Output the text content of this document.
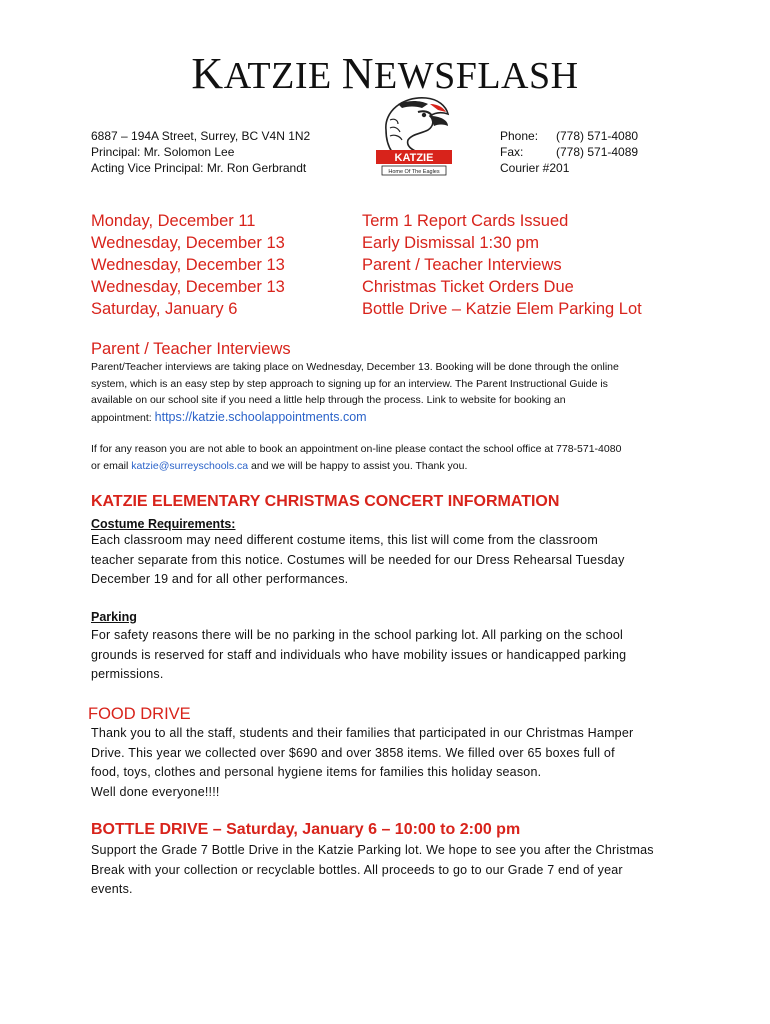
KATZIE NEWSFLASH
6887 – 194A Street, Surrey, BC V4N 1N2
Principal: Mr. Solomon Lee
Acting Vice Principal: Mr. Ron Gerbrandt
KATZIE
Home Of The Eagles
Phone: (778) 571-4080
Fax:	(778) 571-4089
Courier #201
Monday, December 11
Wednesday, December 13
Wednesday, December 13
Wednesday, December 13
Saturday, January 6
Term 1 Report Cards Issued
Early Dismissal 1:30 pm
Parent / Teacher Interviews
Christmas Ticket Orders Due
Bottle Drive – Katzie Elem Parking Lot
Parent / Teacher Interviews
Parent/Teacher interviews are taking place on Wednesday, December 13. Booking will be done through the online
system, which is an easy step by step approach to signing up for an interview. The Parent Instructional Guide is
available on our school site if you need a little help through the process. Link to website for booking an
appointment: https://katzie.schoolappointments.com
If for any reason you are not able to book an appointment on-line please contact the school office at 778-571-4080
or email katzie@surreyschools.ca and we will be happy to assist you. Thank you.
KATZIE ELEMENTARY CHRISTMAS CONCERT INFORMATION
Costume Requirements:
Each classroom may need different costume items, this list will come from the classroom
teacher separate from this notice. Costumes will be needed for our Dress Rehearsal Tuesday
December 19 and for all other performances.
Parking
For safety reasons there will be no parking in the school parking lot. All parking on the school
grounds is reserved for staff and individuals who have mobility issues or handicapped parking
permissions.
FOOD DRIVE
Thank you to all the staff, students and their families that participated in our Christmas Hamper
Drive. This year we collected over $690 and over 3858 items. We filled over 65 boxes full of
food, toys, clothes and personal hygiene items for families this holiday season.
Well done everyone!!!!
BOTTLE DRIVE – Saturday, January 6 – 10:00 to 2:00 pm
Support the Grade 7 Bottle Drive in the Katzie Parking lot. We hope to see you after the Christmas
Break with your collection or recyclable bottles. All proceeds to go to our Grade 7 end of year
events.
